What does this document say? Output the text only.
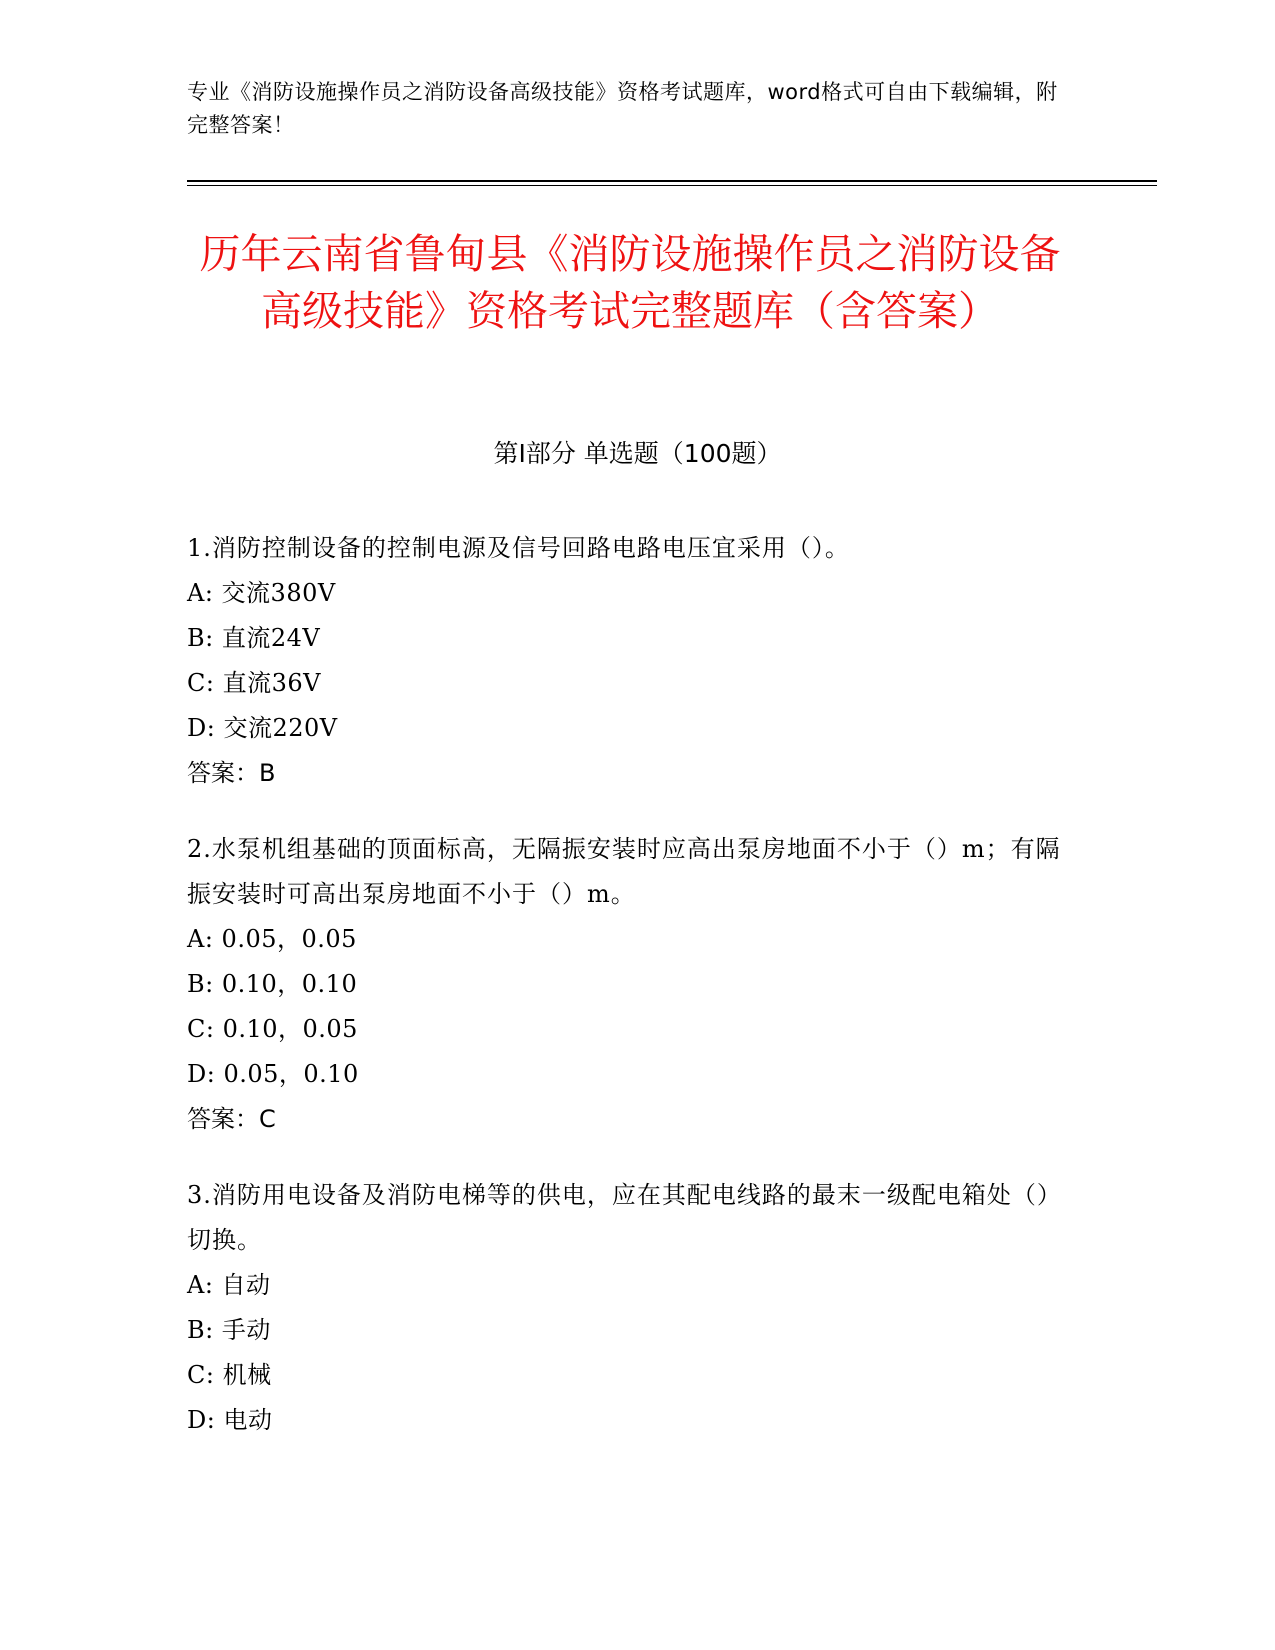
专业《消防设施操作员之消防设备高级技能》资格考试题库，word格式可自由下载编辑，附完整答案！
历年云南省鲁甸县《消防设施操作员之消防设备高级技能》资格考试完整题库（含答案）
第I部分 单选题（100题）
1.消防控制设备的控制电源及信号回路电路电压宜采用（）。
A: 交流380V
B: 直流24V
C: 直流36V
D: 交流220V
答案：B
2.水泵机组基础的顶面标高，无隔振安装时应高出泵房地面不小于（）m；有隔振安装时可高出泵房地面不小于（）m。
A: 0.05，0.05
B: 0.10，0.10
C: 0.10，0.05
D: 0.05，0.10
答案：C
3.消防用电设备及消防电梯等的供电，应在其配电线路的最末一级配电箱处（）切换。
A: 自动
B: 手动
C: 机械
D: 电动
